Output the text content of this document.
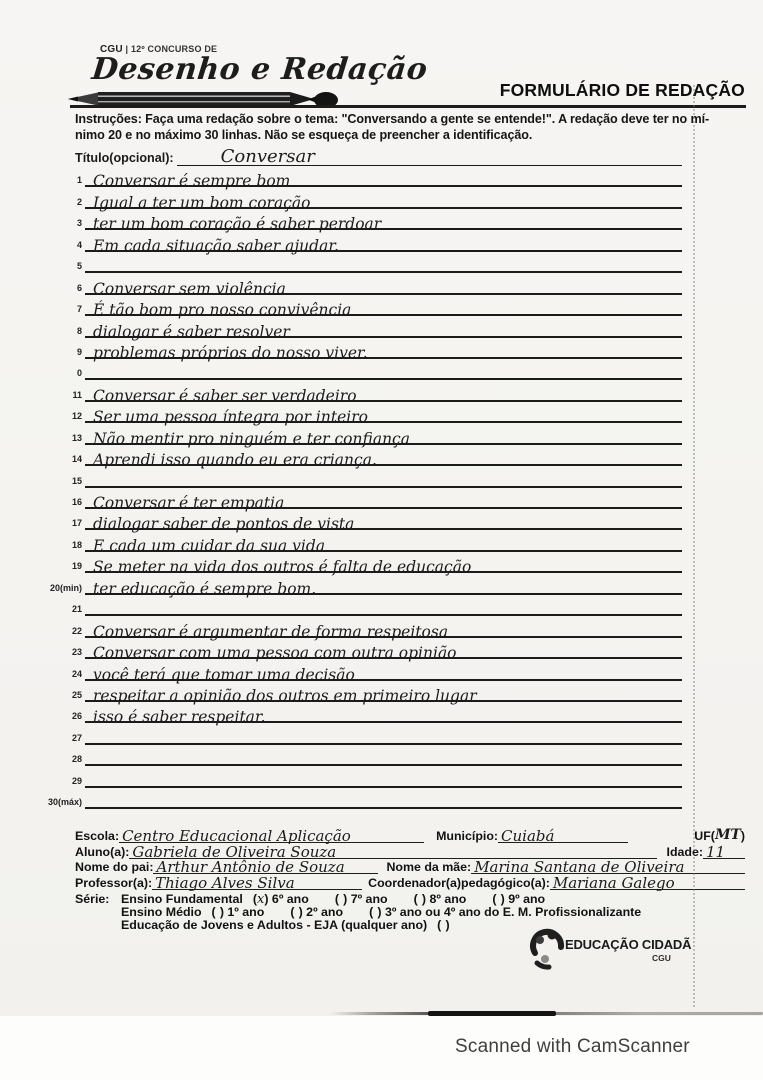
CGU | 12º CONCURSO DE
Desenho e Redação
FORMULÁRIO DE REDAÇÃO
Instruções: Faça uma redação sobre o tema: "Conversando a gente se entende!". A redação deve ter no mí-
nimo 20 e no máximo 30 linhas. Não se esqueça de preencher a identificação.
Título(opcional):	Conversar
1 Conversar é sempre bom
2 Igual a ter um bom coração
3 ter um bom coração é saber perdoar
4 Em cada situação saber ajudar.
5
6 Conversar sem violência
7 É tão bom pro nosso convivência
8 dialogar é saber resolver
9 problemas próprios do nosso viver.
0
11 Conversar é saber ser verdadeiro
12 Ser uma pessoa íntegra por inteiro
13 Não mentir pro ninguém e ter confiança
14 Aprendi isso quando eu era criança.
15
16 Conversar é ter empatia
17 dialogar saber de pontos de vista
18 E cada um cuidar da sua vida
19 Se meter na vida dos outros é falta de educação
20(min) ter educação é sempre bom.
21
22 Conversar é argumentar de forma respeitosa
23 Conversar com uma pessoa com outra opinião
24 você terá que tomar uma decisão
25 respeitar a opinião dos outros em primeiro lugar
26 isso é saber respeitar.
27
28
29
30(máx)
Escola: Centro Educacional Aplicação	Município: Cuiabá	UF( MT )
Aluno(a): Gabriela de Oliveira Souza	Idade: 11
Nome do pai: Arthur Antônio de Souza	Nome da mãe: Marina Santana de Oliveira
Professor(a): Thiago Alves Silva	Coordenador(a)pedagógico(a): Mariana Galego
Série: Ensino Fundamental (x) 6º ano ( ) 7º ano ( ) 8º ano ( ) 9º ano
Ensino Médio ( ) 1º ano ( ) 2º ano ( ) 3º ano ou 4º ano do E. M. Profissionalizante
Educação de Jovens e Adultos - EJA (qualquer ano) ( )
EDUCAÇÃO CIDADÃ
CGU
Scanned with CamScanner
